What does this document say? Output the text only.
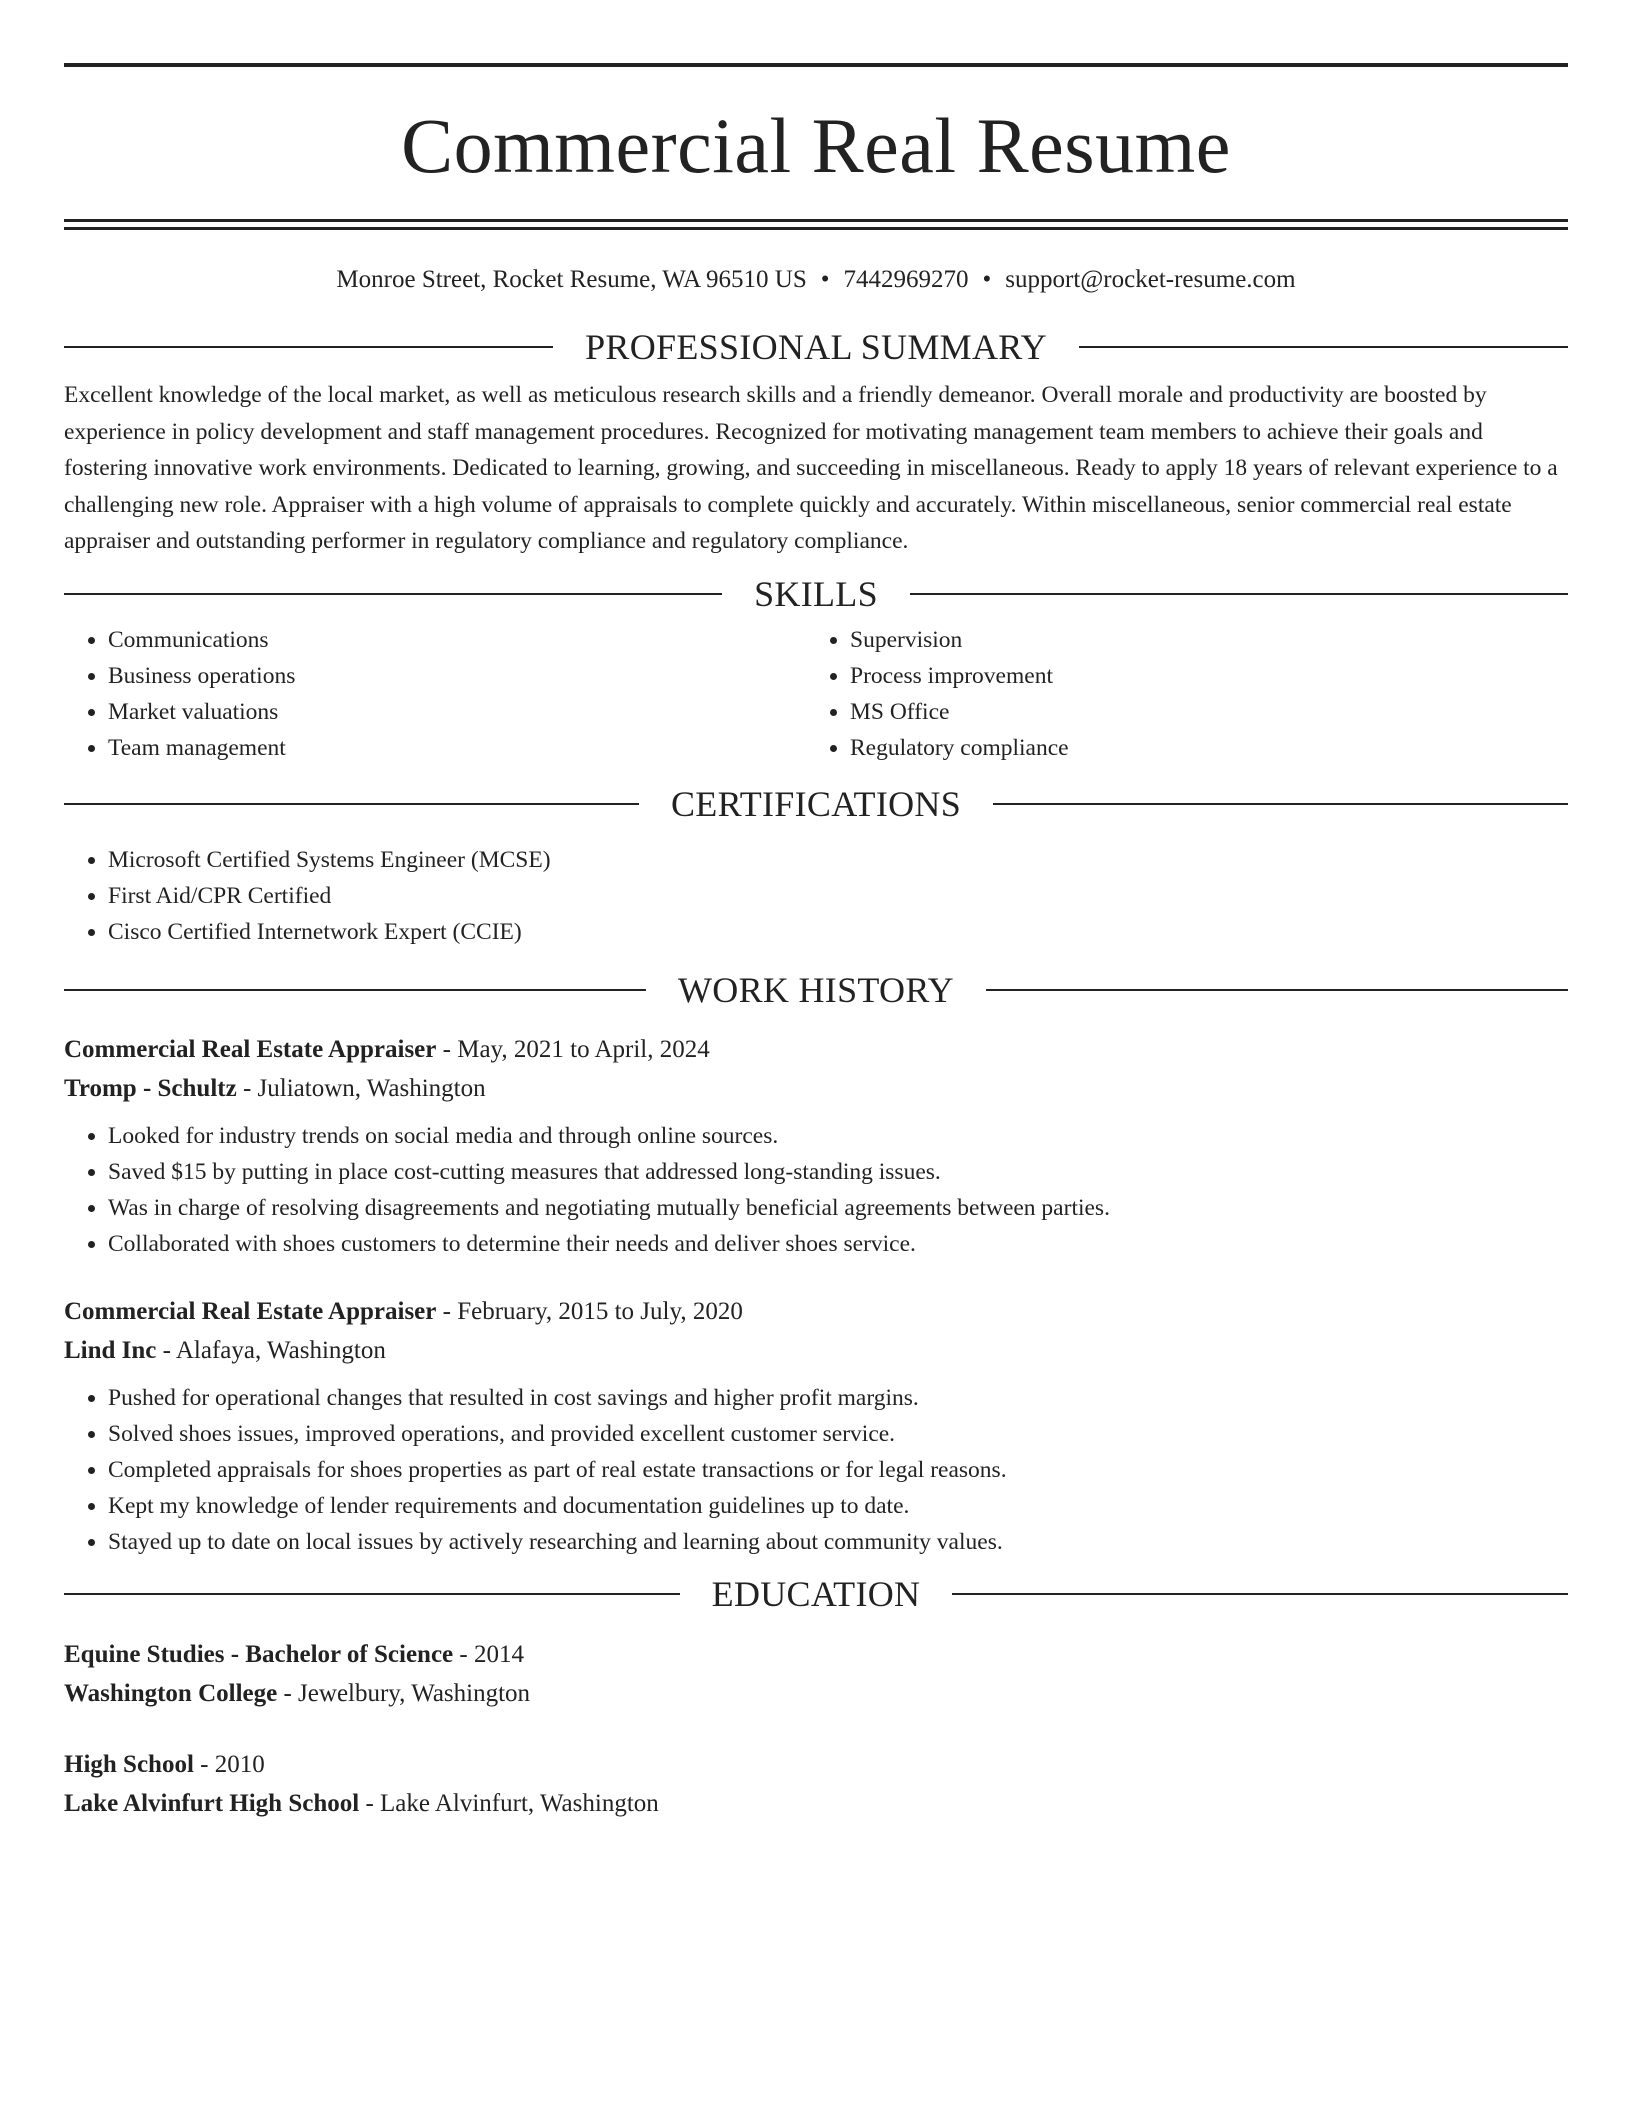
Commercial Real Resume
Monroe Street, Rocket Resume, WA 96510 US • 7442969270 • support@rocket-resume.com
PROFESSIONAL SUMMARY

Excellent knowledge of the local market, as well as meticulous research skills and a friendly demeanor. Overall morale and productivity are boosted by experience in policy development and staff management procedures. Recognized for motivating management team members to achieve their goals and fostering innovative work environments. Dedicated to learning, growing, and succeeding in miscellaneous. Ready to apply 18 years of relevant experience to a challenging new role. Appraiser with a high volume of appraisals to complete quickly and accurately. Within miscellaneous, senior commercial real estate appraiser and outstanding performer in regulatory compliance and regulatory compliance.

SKILLS
• Communications
• Business operations
• Market valuations
• Team management
• Supervision
• Process improvement
• MS Office
• Regulatory compliance
CERTIFICATIONS
• Microsoft Certified Systems Engineer (MCSE)
• First Aid/CPR Certified
• Cisco Certified Internetwork Expert (CCIE)
WORK HISTORY
Commercial Real Estate Appraiser - May, 2021 to April, 2024
Tromp - Schultz - Juliatown, Washington
• Looked for industry trends on social media and through online sources.
• Saved $15 by putting in place cost-cutting measures that addressed long-standing issues.
• Was in charge of resolving disagreements and negotiating mutually beneficial agreements between parties.
• Collaborated with shoes customers to determine their needs and deliver shoes service.
Commercial Real Estate Appraiser - February, 2015 to July, 2020
Lind Inc - Alafaya, Washington
• Pushed for operational changes that resulted in cost savings and higher profit margins.
• Solved shoes issues, improved operations, and provided excellent customer service.
• Completed appraisals for shoes properties as part of real estate transactions or for legal reasons.
• Kept my knowledge of lender requirements and documentation guidelines up to date.
• Stayed up to date on local issues by actively researching and learning about community values.
EDUCATION
Equine Studies - Bachelor of Science - 2014
Washington College - Jewelbury, Washington
High School - 2010
Lake Alvinfurt High School - Lake Alvinfurt, Washington
